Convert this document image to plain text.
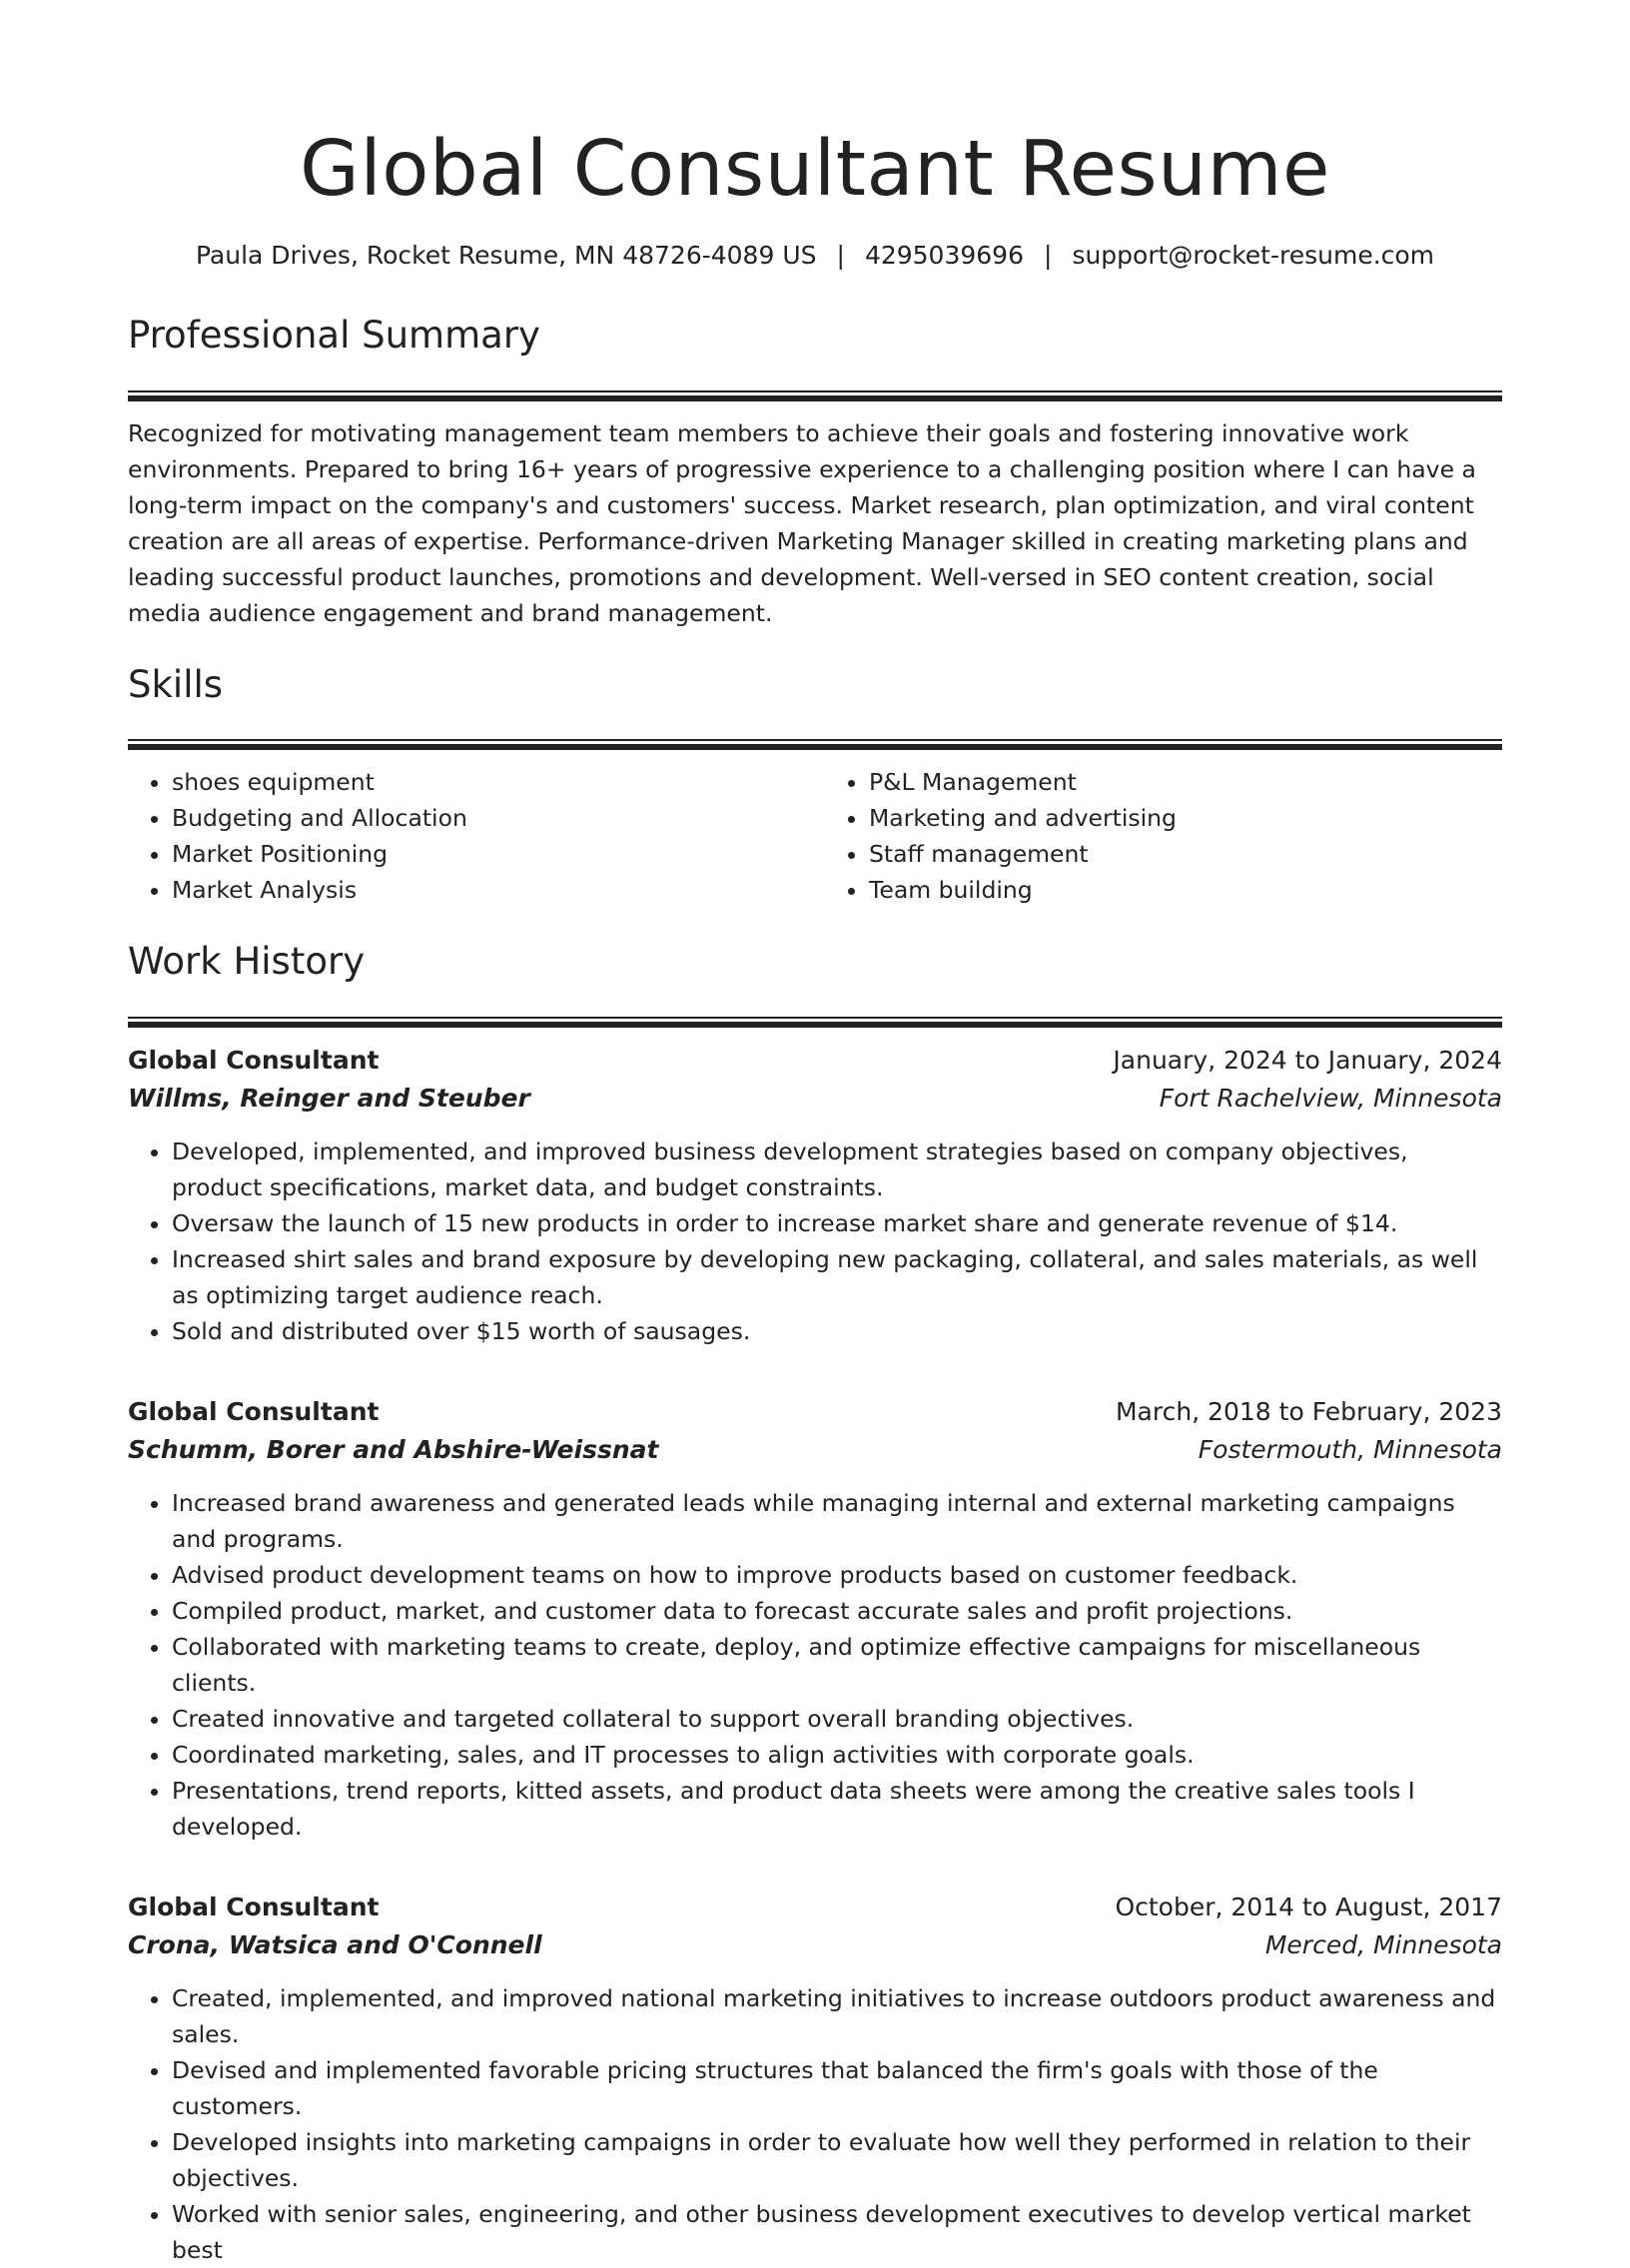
Global Consultant Resume
Paula Drives, Rocket Resume, MN 48726-4089 US | 4295039696 | support@rocket-resume.com
Professional Summary

Recognized for motivating management team members to achieve their goals and fostering innovative work environments. Prepared to bring 16+ years of progressive experience to a challenging position where I can have a long-term impact on the company's and customers' success. Market research, plan optimization, and viral content creation are all areas of expertise. Performance-driven Marketing Manager skilled in creating marketing plans and leading successful product launches, promotions and development. Well-versed in SEO content creation, social media audience engagement and brand management.

Skills
• shoes equipment
• Budgeting and Allocation
• Market Positioning
• Market Analysis
• P&L Management
• Marketing and advertising
• Staff management
• Team building
Work History
Global Consultant	January, 2024 to January, 2024
Willms, Reinger and Steuber	Fort Rachelview, Minnesota
• Developed, implemented, and improved business development strategies based on company objectives, product specifications, market data, and budget constraints.
• Oversaw the launch of 15 new products in order to increase market share and generate revenue of $14.
• Increased shirt sales and brand exposure by developing new packaging, collateral, and sales materials, as well as optimizing target audience reach.
• Sold and distributed over $15 worth of sausages.
Global Consultant	March, 2018 to February, 2023
Schumm, Borer and Abshire-Weissnat	Fostermouth, Minnesota
• Increased brand awareness and generated leads while managing internal and external marketing campaigns and programs.
• Advised product development teams on how to improve products based on customer feedback.
• Compiled product, market, and customer data to forecast accurate sales and profit projections.
• Collaborated with marketing teams to create, deploy, and optimize effective campaigns for miscellaneous clients.
• Created innovative and targeted collateral to support overall branding objectives.
• Coordinated marketing, sales, and IT processes to align activities with corporate goals.
• Presentations, trend reports, kitted assets, and product data sheets were among the creative sales tools I developed.
Global Consultant	October, 2014 to August, 2017
Crona, Watsica and O'Connell	Merced, Minnesota
• Created, implemented, and improved national marketing initiatives to increase outdoors product awareness and sales.
• Devised and implemented favorable pricing structures that balanced the firm's goals with those of the customers.
• Developed insights into marketing campaigns in order to evaluate how well they performed in relation to their objectives.
• Worked with senior sales, engineering, and other business development executives to develop vertical market best
